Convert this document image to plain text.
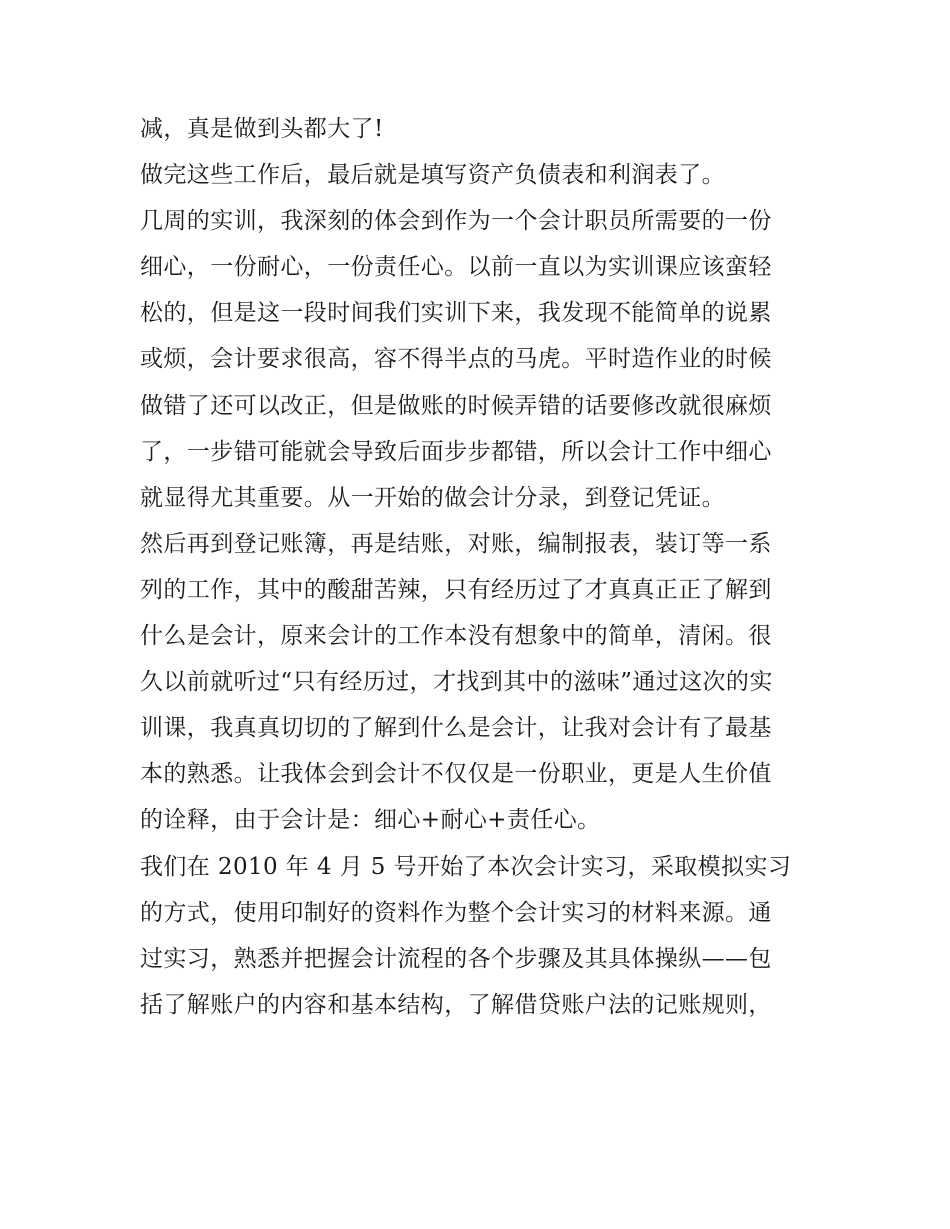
减，真是做到头都大了!
做完这些工作后，最后就是填写资产负债表和利润表了。
几周的实训，我深刻的体会到作为一个会计职员所需要的一份
细心，一份耐心，一份责任心。以前一直以为实训课应该蛮轻
松的，但是这一段时间我们实训下来，我发现不能简单的说累
或烦，会计要求很高，容不得半点的马虎。平时造作业的时候
做错了还可以改正，但是做账的时候弄错的话要修改就很麻烦
了，一步错可能就会导致后面步步都错，所以会计工作中细心
就显得尤其重要。从一开始的做会计分录，到登记凭证。
然后再到登记账簿，再是结账，对账，编制报表，装订等一系
列的工作，其中的酸甜苦辣，只有经历过了才真真正正了解到
什么是会计，原来会计的工作本没有想象中的简单，清闲。很
久以前就听过“只有经历过，才找到其中的滋味”通过这次的实
训课，我真真切切的了解到什么是会计，让我对会计有了最基
本的熟悉。让我体会到会计不仅仅是一份职业，更是人生价值
的诠释，由于会计是：细心+耐心+责任心。
我们在 2010 年 4 月 5 号开始了本次会计实习，采取模拟实习
的方式，使用印制好的资料作为整个会计实习的材料来源。通
过实习，熟悉并把握会计流程的各个步骤及其具体操纵——包
括了解账户的内容和基本结构，了解借贷账户法的记账规则，
